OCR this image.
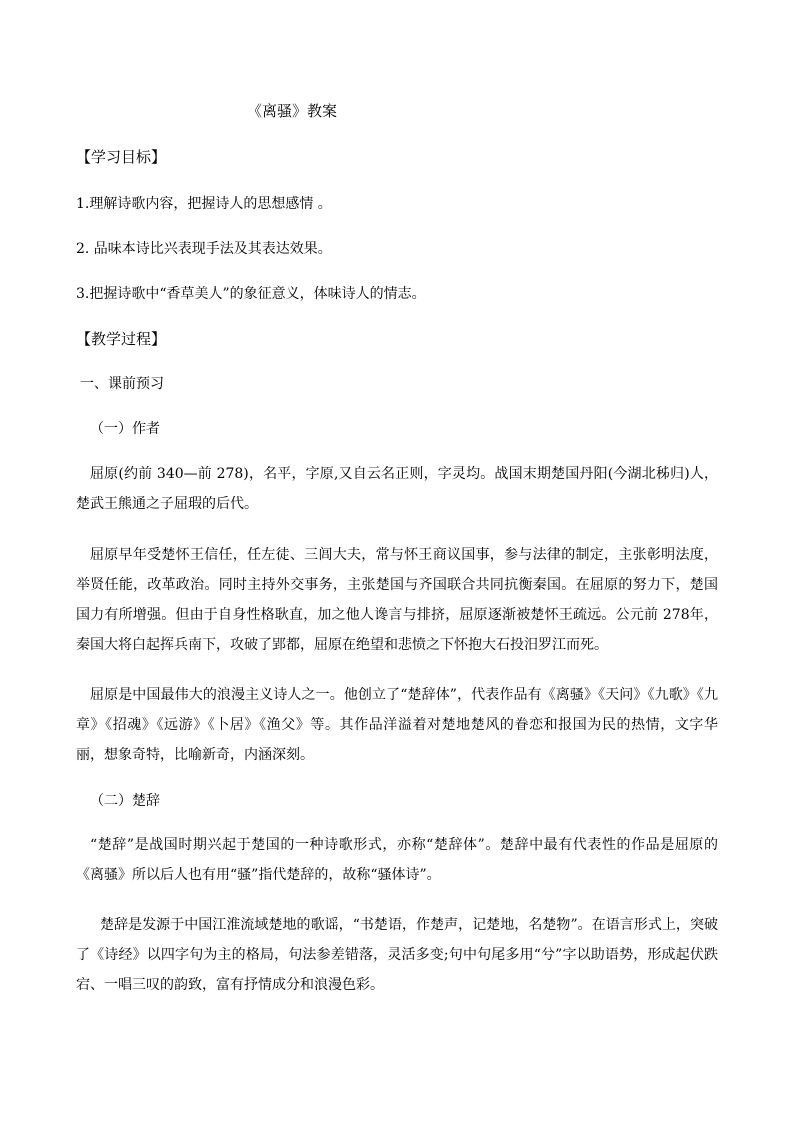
《离骚》教案
【学习目标】
1.理解诗歌内容，把握诗人的思想感情 。
2. 品味本诗比兴表现手法及其表达效果。
3.把握诗歌中“香草美人”的象征意义，体味诗人的情志。
【教学过程】
一、课前预习
（一）作者
屈原(约前 340—前 278)，名平，字原,又自云名正则，字灵均。战国末期楚国丹阳(今湖北秭归)人，楚武王熊通之子屈瑕的后代。
屈原早年受楚怀王信任，任左徒、三闾大夫，常与怀王商议国事，参与法律的制定，主张彰明法度，举贤任能，改革政治。同时主持外交事务，主张楚国与齐国联合共同抗衡秦国。在屈原的努力下，楚国国力有所增强。但由于自身性格耿直，加之他人谗言与排挤，屈原逐渐被楚怀王疏远。公元前 278年，秦国大将白起挥兵南下，攻破了郢都，屈原在绝望和悲愤之下怀抱大石投汨罗江而死。
屈原是中国最伟大的浪漫主义诗人之一。他创立了“楚辞体”，代表作品有《离骚》《天问》《九歌》《九章》《招魂》《远游》《卜居》《渔父》等。其作品洋溢着对楚地楚风的眷恋和报国为民的热情，文字华丽，想象奇特，比喻新奇，内涵深刻。
（二）楚辞
“楚辞”是战国时期兴起于楚国的一种诗歌形式，亦称“楚辞体”。楚辞中最有代表性的作品是屈原的《离骚》所以后人也有用“骚”指代楚辞的，故称“骚体诗”。
楚辞是发源于中国江淮流域楚地的歌谣，“书楚语，作楚声，记楚地，名楚物”。在语言形式上，突破了《诗经》以四字句为主的格局，句法参差错落，灵活多变;句中句尾多用“兮”字以助语势，形成起伏跌宕、一唱三叹的韵致，富有抒情成分和浪漫色彩。
